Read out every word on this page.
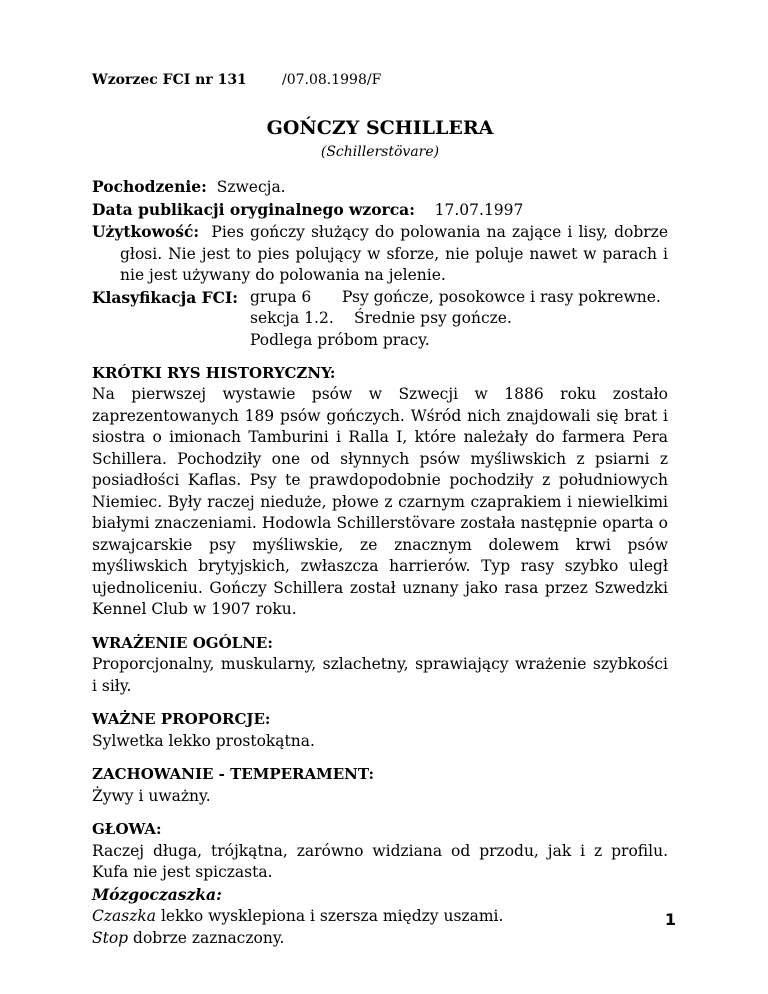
Wzorzec FCI nr 131	/07.08.1998/F
GOŃCZY SCHILLERA
(Schillerstövare)
Pochodzenie: Szwecja.
Data publikacji oryginalnego wzorca: 17.07.1997
Użytkowość: Pies gończy służący do polowania na zające i lisy, dobrze głosi. Nie jest to pies polujący w sforze, nie poluje nawet w parach i nie jest używany do polowania na jelenie.
Klasyfikacja FCI: grupa 6 Psy gończe, posokowce i rasy pokrewne.
sekcja 1.2. Średnie psy gończe.
Podlega próbom pracy.
KRÓTKI RYS HISTORYCZNY:

Na pierwszej wystawie psów w Szwecji w 1886 roku zostało zaprezentowanych 189 psów gończych. Wśród nich znajdowali się brat i siostra o imionach Tamburini i Ralla I, które należały do farmera Pera Schillera. Pochodziły one od słynnych psów myśliwskich z psiarni z posiadłości Kaflas. Psy te prawdopodobnie pochodziły z południowych Niemiec. Były raczej nieduże, płowe z czarnym czaprakiem i niewielkimi białymi znaczeniami. Hodowla Schillerstövare została następnie oparta o szwajcarskie psy myśliwskie, ze znacznym dolewem krwi psów myśliwskich brytyjskich, zwłaszcza harrierów. Typ rasy szybko uległ ujednoliceniu. Gończy Schillera został uznany jako rasa przez Szwedzki Kennel Club w 1907 roku.

WRAŻENIE OGÓLNE:

Proporcjonalny, muskularny, szlachetny, sprawiający wrażenie szybkości i siły.

WAŻNE PROPORCJE:

Sylwetka lekko prostokątna.

ZACHOWANIE - TEMPERAMENT:

Żywy i uważny.

GŁOWA:

Raczej długa, trójkątna, zarówno widziana od przodu, jak i z profilu. Kufa nie jest spiczasta.

Mózgoczaszka:

Czaszka lekko wysklepiona i szersza między uszami.

Stop dobrze zaznaczony.

1
